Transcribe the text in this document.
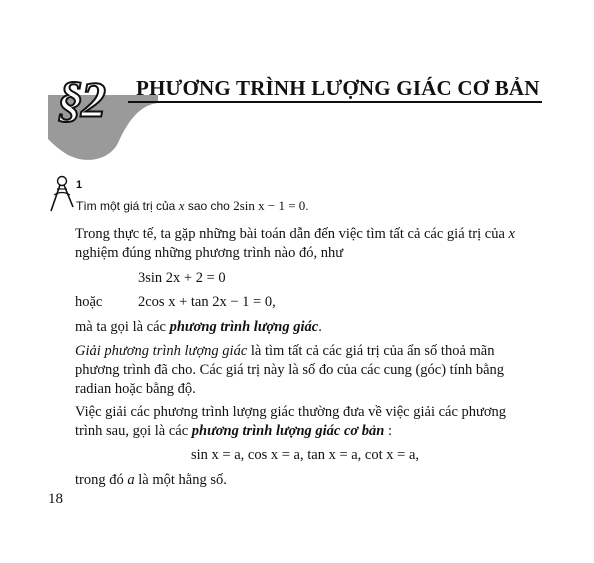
§2 PHƯƠNG TRÌNH LƯỢNG GIÁC CƠ BẢN
1
Tìm một giá trị của x sao cho 2sin x − 1 = 0.
Trong thực tế, ta gặp những bài toán dẫn đến việc tìm tất cả các giá trị của x
nghiệm đúng những phương trình nào đó, như
3sin 2x + 2 = 0
hoặc 2cos x + tan 2x − 1 = 0,
mà ta gọi là các phương trình lượng giác.
Giải phương trình lượng giác là tìm tất cả các giá trị của ẩn số thoả mãn
phương trình đã cho. Các giá trị này là số đo của các cung (góc) tính bằng
radian hoặc bằng độ.
Việc giải các phương trình lượng giác thường đưa về việc giải các phương
trình sau, gọi là các phương trình lượng giác cơ bản :
sin x = a, cos x = a, tan x = a, cot x = a,
trong đó a là một hằng số.
18
